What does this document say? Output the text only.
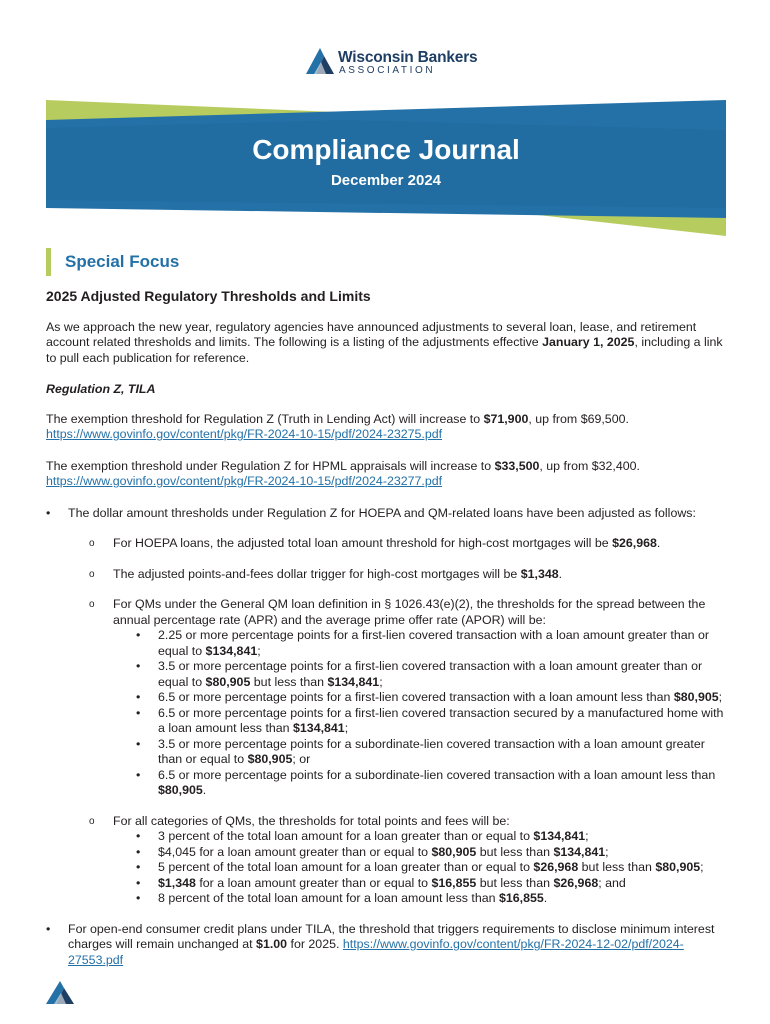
Wisconsin Bankers
ASSOCIATION
Compliance Journal
December 2024
Special Focus

2025 Adjusted Regulatory Thresholds and Limits

As we approach the new year, regulatory agencies have announced adjustments to several loan, lease, and retirement account related thresholds and limits. The following is a listing of the adjustments effective January 1, 2025, including a link to pull each publication for reference.

Regulation Z, TILA

The exemption threshold for Regulation Z (Truth in Lending Act) will increase to $71,900, up from $69,500. https://www.govinfo.gov/content/pkg/FR-2024-10-15/pdf/2024-23275.pdf

The exemption threshold under Regulation Z for HPML appraisals will increase to $33,500, up from $32,400. https://www.govinfo.gov/content/pkg/FR-2024-10-15/pdf/2024-23277.pdf

• The dollar amount thresholds under Regulation Z for HOEPA and QM-related loans have been adjusted as follows:
o For HOEPA loans, the adjusted total loan amount threshold for high-cost mortgages will be $26,968.
o The adjusted points-and-fees dollar trigger for high-cost mortgages will be $1,348.
o For QMs under the General QM loan definition in § 1026.43(e)(2), the thresholds for the spread between the annual percentage rate (APR) and the average prime offer rate (APOR) will be:
• 2.25 or more percentage points for a first-lien covered transaction with a loan amount greater than or equal to $134,841;
• 3.5 or more percentage points for a first-lien covered transaction with a loan amount greater than or equal to $80,905 but less than $134,841;
• 6.5 or more percentage points for a first-lien covered transaction with a loan amount less than $80,905;
• 6.5 or more percentage points for a first-lien covered transaction secured by a manufactured home with a loan amount less than $134,841;
• 3.5 or more percentage points for a subordinate-lien covered transaction with a loan amount greater than or equal to $80,905; or
• 6.5 or more percentage points for a subordinate-lien covered transaction with a loan amount less than $80,905.
o For all categories of QMs, the thresholds for total points and fees will be:
• 3 percent of the total loan amount for a loan greater than or equal to $134,841;
• $4,045 for a loan amount greater than or equal to $80,905 but less than $134,841;
• 5 percent of the total loan amount for a loan greater than or equal to $26,968 but less than $80,905;
• $1,348 for a loan amount greater than or equal to $16,855 but less than $26,968; and
• 8 percent of the total loan amount for a loan amount less than $16,855.
• For open-end consumer credit plans under TILA, the threshold that triggers requirements to disclose minimum interest charges will remain unchanged at $1.00 for 2025. https://www.govinfo.gov/content/pkg/FR-2024-12-02/pdf/2024-27553.pdf
